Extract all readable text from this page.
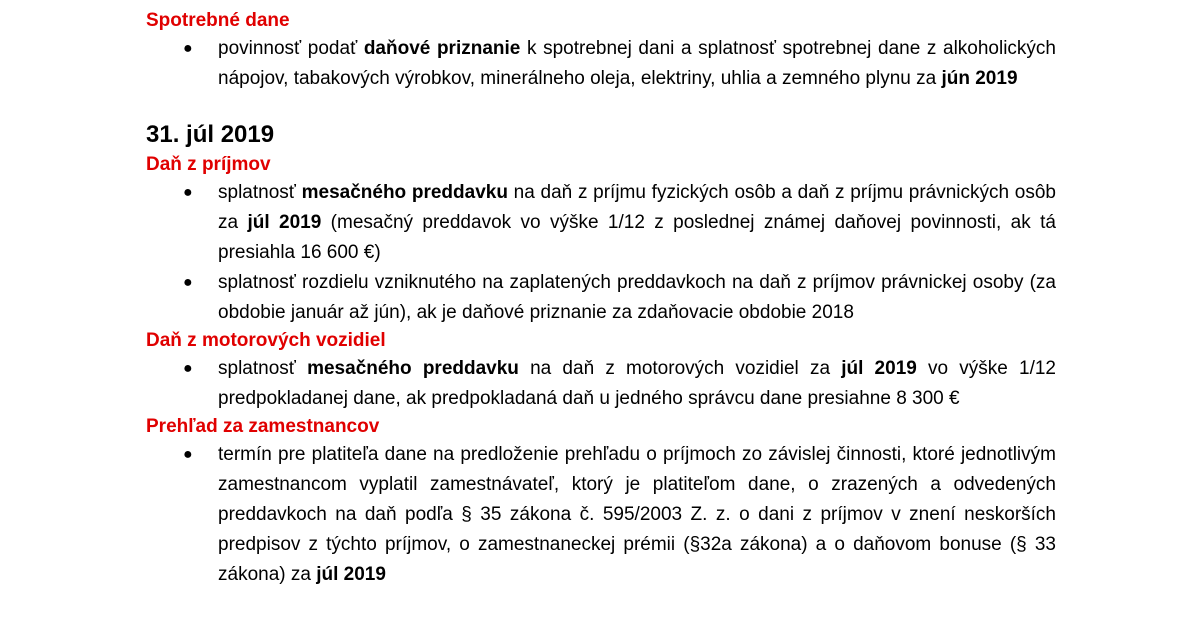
Spotrebné dane
● povinnosť podať daňové priznanie k spotrebnej dani a splatnosť spotrebnej dane z alkoholických nápojov, tabakových výrobkov, minerálneho oleja, elektriny, uhlia a zemného plynu za jún 2019
31. júl 2019
Daň z príjmov
● splatnosť mesačného preddavku na daň z príjmu fyzických osôb a daň z príjmu právnických osôb za júl 2019 (mesačný preddavok vo výške 1/12 z poslednej známej daňovej povinnosti, ak tá presiahla 16 600 €)
● splatnosť rozdielu vzniknutého na zaplatených preddavkoch na daň z príjmov právnickej osoby (za obdobie január až jún), ak je daňové priznanie za zdaňovacie obdobie 2018
Daň z motorových vozidiel
● splatnosť mesačného preddavku na daň z motorových vozidiel za júl 2019 vo výške 1/12 predpokladanej dane, ak predpokladaná daň u jedného správcu dane presiahne 8 300 €
Prehľad za zamestnancov
● termín pre platiteľa dane na predloženie prehľadu o príjmoch zo závislej činnosti, ktoré jednotlivým zamestnancom vyplatil zamestnávateľ, ktorý je platiteľom dane, o zrazených a odvedených preddavkoch na daň podľa § 35 zákona č. 595/2003 Z. z. o dani z príjmov v znení neskorších predpisov z týchto príjmov, o zamestnaneckej prémii (§32a zákona) a o daňovom bonuse (§ 33 zákona) za júl 2019
